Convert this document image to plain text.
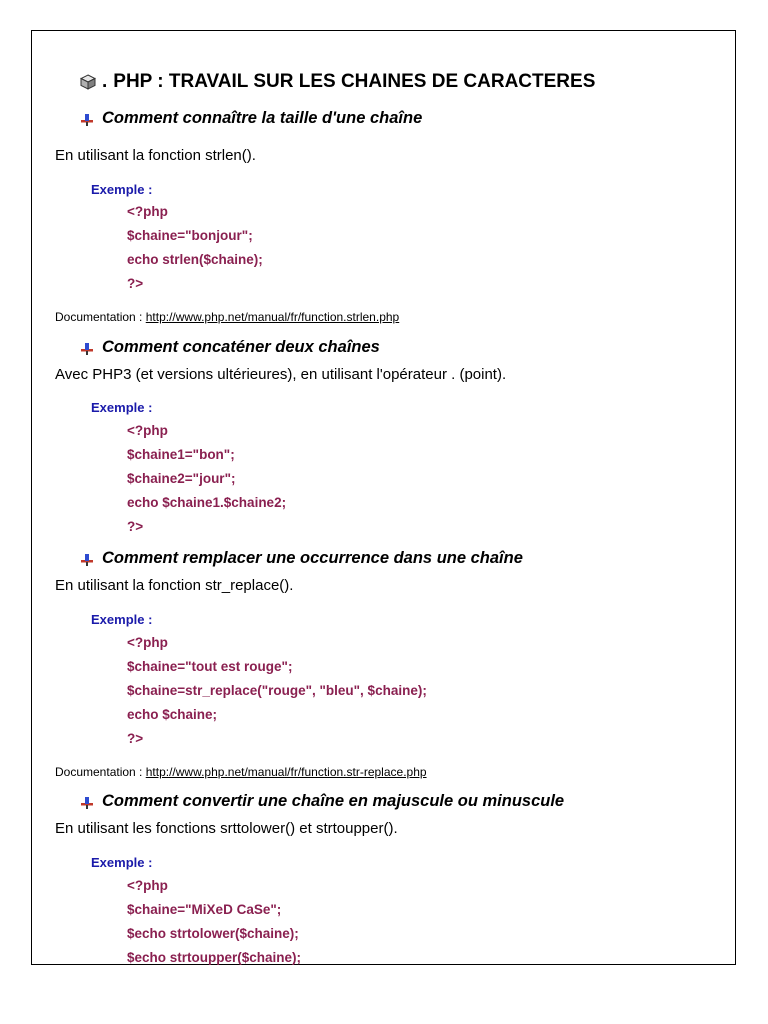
. PHP : TRAVAIL SUR LES CHAINES DE CARACTERES
Comment connaître la taille d'une chaîne
En utilisant la fonction strlen().
Exemple :
<?php
$chaine="bonjour";
echo strlen($chaine);
?>
Documentation : http://www.php.net/manual/fr/function.strlen.php
Comment concaténer deux chaînes
Avec PHP3 (et versions ultérieures), en utilisant l'opérateur . (point).
Exemple :
<?php
$chaine1="bon";
$chaine2="jour";
echo $chaine1.$chaine2;
?>
Comment remplacer une occurrence dans une chaîne
En utilisant la fonction str_replace().
Exemple :
<?php
$chaine="tout est rouge";
$chaine=str_replace("rouge", "bleu", $chaine);
echo $chaine;
?>
Documentation : http://www.php.net/manual/fr/function.str-replace.php
Comment convertir une chaîne en majuscule ou minuscule
En utilisant les fonctions srttolower() et strtoupper().
Exemple :
<?php
$chaine="MiXeD CaSe";
$echo strtolower($chaine);
$echo strtoupper($chaine);
